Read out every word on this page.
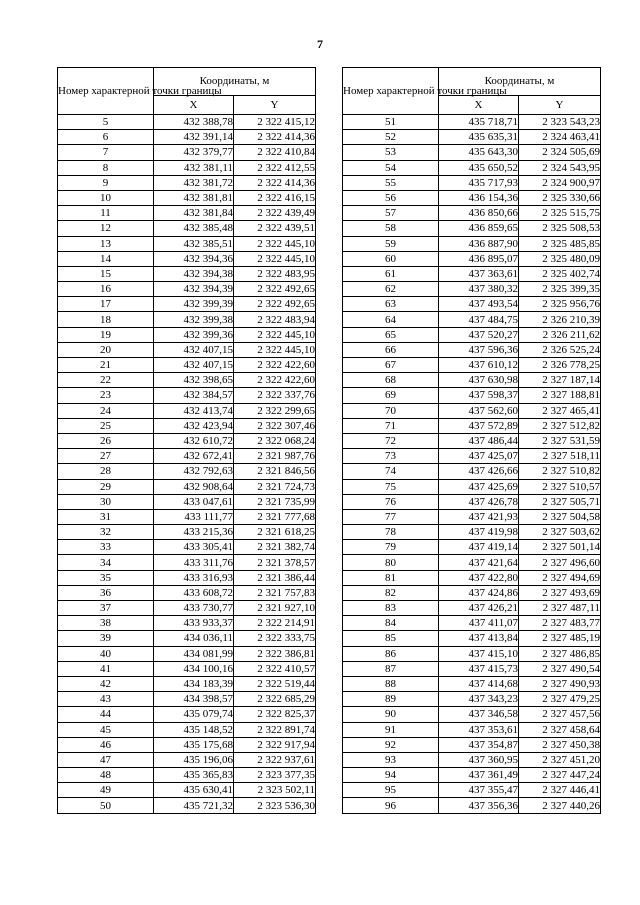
7
Номер характерной точки границы	Координаты, м	
	X	Y
5	432 388,78	2 322 415,12
6	432 391,14	2 322 414,36
7	432 379,77	2 322 410,84
8	432 381,11	2 322 412,55
9	432 381,72	2 322 414,36
10	432 381,81	2 322 416,15
11	432 381,84	2 322 439,49
12	432 385,48	2 322 439,51
13	432 385,51	2 322 445,10
14	432 394,36	2 322 445,10
15	432 394,38	2 322 483,95
16	432 394,39	2 322 492,65
17	432 399,39	2 322 492,65
18	432 399,38	2 322 483,94
19	432 399,36	2 322 445,10
20	432 407,15	2 322 445,10
21	432 407,15	2 322 422,60
22	432 398,65	2 322 422,60
23	432 384,57	2 322 337,76
24	432 413,74	2 322 299,65
25	432 423,94	2 322 307,46
26	432 610,72	2 322 068,24
27	432 672,41	2 321 987,76
28	432 792,63	2 321 846,56
29	432 908,64	2 321 724,73
30	433 047,61	2 321 735,99
31	433 111,77	2 321 777,68
32	433 215,36	2 321 618,25
33	433 305,41	2 321 382,74
34	433 311,76	2 321 378,57
35	433 316,93	2 321 386,44
36	433 608,72	2 321 757,83
37	433 730,77	2 321 927,10
38	433 933,37	2 322 214,91
39	434 036,11	2 322 333,75
40	434 081,99	2 322 386,81
41	434 100,16	2 322 410,57
42	434 183,39	2 322 519,44
43	434 398,57	2 322 685,29
44	435 079,74	2 322 825,37
45	435 148,52	2 322 891,74
46	435 175,68	2 322 917,94
47	435 196,06	2 322 937,61
48	435 365,83	2 323 377,35
49	435 630,41	2 323 502,11
50	435 721,32	2 323 536,30
Номер характерной точки границы	Координаты, м	
	X	Y
51	435 718,71	2 323 543,23
52	435 635,31	2 324 463,41
53	435 643,30	2 324 505,69
54	435 650,52	2 324 543,95
55	435 717,93	2 324 900,97
56	436 154,36	2 325 330,66
57	436 850,66	2 325 515,75
58	436 859,65	2 325 508,53
59	436 887,90	2 325 485,85
60	436 895,07	2 325 480,09
61	437 363,61	2 325 402,74
62	437 380,32	2 325 399,35
63	437 493,54	2 325 956,76
64	437 484,75	2 326 210,39
65	437 520,27	2 326 211,62
66	437 596,36	2 326 525,24
67	437 610,12	2 326 778,25
68	437 630,98	2 327 187,14
69	437 598,37	2 327 188,81
70	437 562,60	2 327 465,41
71	437 572,89	2 327 512,82
72	437 486,44	2 327 531,59
73	437 425,07	2 327 518,11
74	437 426,66	2 327 510,82
75	437 425,69	2 327 510,57
76	437 426,78	2 327 505,71
77	437 421,93	2 327 504,58
78	437 419,98	2 327 503,62
79	437 419,14	2 327 501,14
80	437 421,64	2 327 496,60
81	437 422,80	2 327 494,69
82	437 424,86	2 327 493,69
83	437 426,21	2 327 487,11
84	437 411,07	2 327 483,77
85	437 413,84	2 327 485,19
86	437 415,10	2 327 486,85
87	437 415,73	2 327 490,54
88	437 414,68	2 327 490,93
89	437 343,23	2 327 479,25
90	437 346,58	2 327 457,56
91	437 353,61	2 327 458,64
92	437 354,87	2 327 450,38
93	437 360,95	2 327 451,20
94	437 361,49	2 327 447,24
95	437 355,47	2 327 446,41
96	437 356,36	2 327 440,26
